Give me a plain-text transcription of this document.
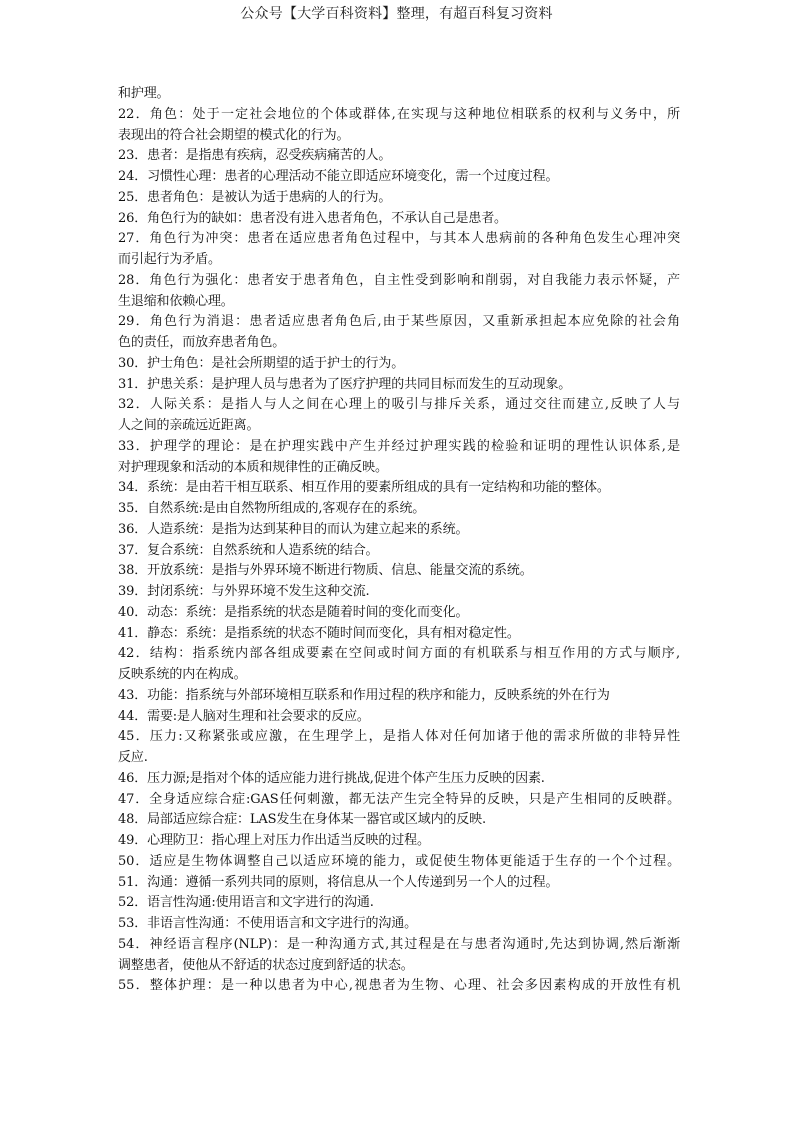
公众号【大学百科资料】整理，有超百科复习资料
和护理。
22．角色：处于一定社会地位的个体或群体,在实现与这种地位相联系的权利与义务中，所
表现出的符合社会期望的模式化的行为。
23．患者：是指患有疾病，忍受疾病痛苦的人。
24．习惯性心理：患者的心理活动不能立即适应环境变化，需一个过度过程。
25．患者角色：是被认为适于患病的人的行为。
26．角色行为的缺如：患者没有进入患者角色，不承认自己是患者。
27．角色行为冲突：患者在适应患者角色过程中，与其本人患病前的各种角色发生心理冲突
而引起行为矛盾。
28．角色行为强化：患者安于患者角色，自主性受到影响和削弱，对自我能力表示怀疑，产
生退缩和依赖心理。
29．角色行为消退：患者适应患者角色后,由于某些原因，又重新承担起本应免除的社会角
色的责任，而放弃患者角色。
30．护士角色：是社会所期望的适于护士的行为。
31．护患关系：是护理人员与患者为了医疗护理的共同目标而发生的互动现象。
32．人际关系：是指人与人之间在心理上的吸引与排斥关系，通过交往而建立,反映了人与
人之间的亲疏远近距离。
33．护理学的理论：是在护理实践中产生并经过护理实践的检验和证明的理性认识体系,是
对护理现象和活动的本质和规律性的正确反映。
34．系统：是由若干相互联系、相互作用的要素所组成的具有一定结构和功能的整体。
35．自然系统:是由自然物所组成的,客观存在的系统。
36．人造系统：是指为达到某种目的而认为建立起来的系统。
37．复合系统：自然系统和人造系统的结合。
38．开放系统：是指与外界环境不断进行物质、信息、能量交流的系统。
39．封闭系统：与外界环境不发生这种交流.
40．动态：系统：是指系统的状态是随着时间的变化而变化。
41．静态：系统：是指系统的状态不随时间而变化，具有相对稳定性。
42．结构：指系统内部各组成要素在空间或时间方面的有机联系与相互作用的方式与顺序,
反映系统的内在构成。
43．功能：指系统与外部环境相互联系和作用过程的秩序和能力，反映系统的外在行为
44．需要:是人脑对生理和社会要求的反应。
45．压力:又称紧张或应激，在生理学上，是指人体对任何加诸于他的需求所做的非特异性
反应.
46．压力源;是指对个体的适应能力进行挑战,促进个体产生压力反映的因素.
47．全身适应综合症:GAS任何刺激，都无法产生完全特异的反映，只是产生相同的反映群。
48．局部适应综合症：LAS发生在身体某一器官或区域内的反映.
49．心理防卫：指心理上对压力作出适当反映的过程。
50．适应是生物体调整自己以适应环境的能力，或促使生物体更能适于生存的一个个过程。
51．沟通：遵循一系列共同的原则，将信息从一个人传递到另一个人的过程。
52．语言性沟通:使用语言和文字进行的沟通.
53．非语言性沟通：不使用语言和文字进行的沟通。
54．神经语言程序(NLP)：是一种沟通方式,其过程是在与患者沟通时,先达到协调,然后渐渐
调整患者，使他从不舒适的状态过度到舒适的状态。
55．整体护理：是一种以患者为中心,视患者为生物、心理、社会多因素构成的开放性有机
